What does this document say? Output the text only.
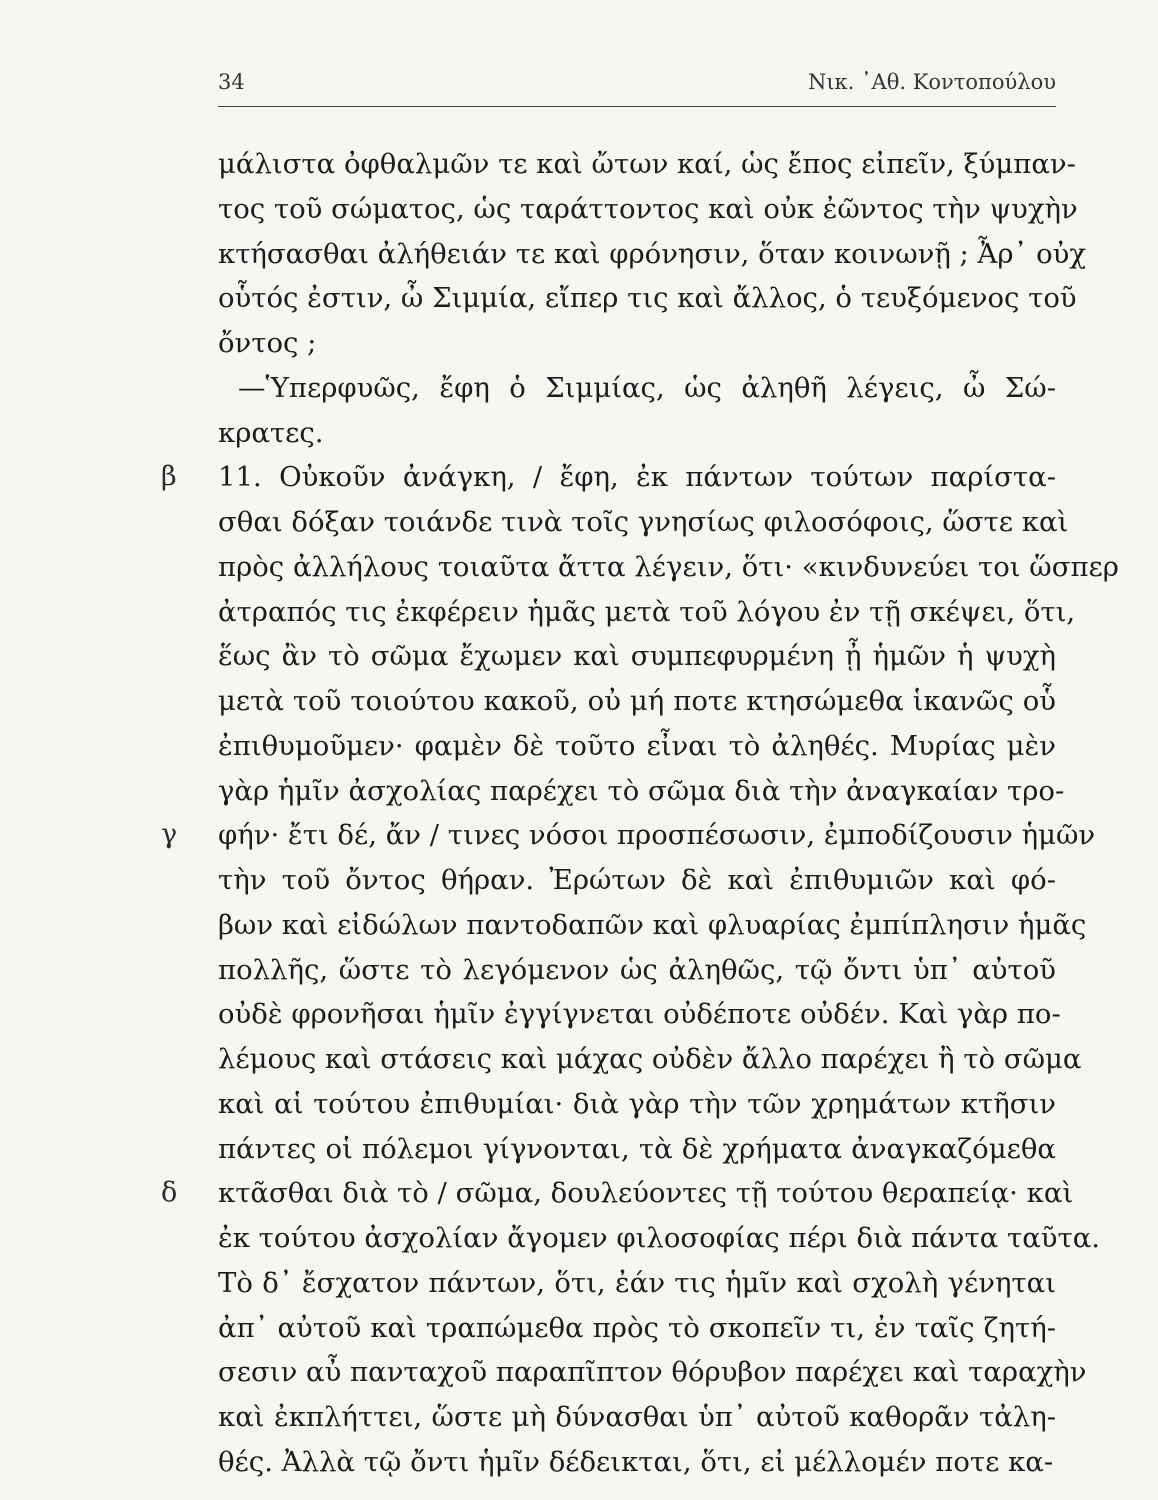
34	Νικ. ᾿Αθ. Κοντοπούλου
μάλιστα ὀφθαλμῶν τε καὶ ὤτων καί, ὡς ἔπος εἰπεῖν, ξύμπαν-
τος τοῦ σώματος, ὡς ταράττοντος καὶ οὐκ ἐῶντος τὴν ψυχὴν
κτήσασθαι ἀλήθειάν τε καὶ φρόνησιν, ὅταν κοινωνῇ ; Ἆρ᾿ οὐχ
οὗτός ἐστιν, ὦ Σιμμία, εἴπερ τις καὶ ἄλλος, ὁ τευξόμενος τοῦ
ὄντος ;
—Ὑπερφυῶς, ἔφη ὁ Σιμμίας, ὡς ἀληθῆ λέγεις, ὦ Σώ-
κρατες.
11. Οὐκοῦν ἀνάγκη, / ἔφη, ἐκ πάντων τούτων παρίστα-
β
σθαι δόξαν τοιάνδε τινὰ τοῖς γνησίως φιλοσόφοις, ὥστε καὶ
πρὸς ἀλλήλους τοιαῦτα ἄττα λέγειν, ὅτι· «κινδυνεύει τοι ὥσπερ
ἀτραπός τις ἐκφέρειν ἡμᾶς μετὰ τοῦ λόγου ἐν τῇ σκέψει, ὅτι,
ἕως ἂν τὸ σῶμα ἔχωμεν καὶ συμπεφυρμένη ᾖ ἡμῶν ἡ ψυχὴ
μετὰ τοῦ τοιούτου κακοῦ, οὐ μή ποτε κτησώμεθα ἱκανῶς οὗ
ἐπιθυμοῦμεν· φαμὲν δὲ τοῦτο εἶναι τὸ ἀληθές. Μυρίας μὲν
γὰρ ἡμῖν ἀσχολίας παρέχει τὸ σῶμα διὰ τὴν ἀναγκαίαν τρο-
φήν· ἔτι δέ, ἄν / τινες νόσοι προσπέσωσιν, ἐμποδίζουσιν ἡμῶν
γ
τὴν τοῦ ὄντος θήραν. Ἐρώτων δὲ καὶ ἐπιθυμιῶν καὶ φό-
βων καὶ εἰδώλων παντοδαπῶν καὶ φλυαρίας ἐμπίπλησιν ἡμᾶς
πολλῆς, ὥστε τὸ λεγόμενον ὡς ἀληθῶς, τῷ ὄντι ὑπ᾿ αὐτοῦ
οὐδὲ φρονῆσαι ἡμῖν ἐγγίγνεται οὐδέποτε οὐδέν. Καὶ γὰρ πο-
λέμους καὶ στάσεις καὶ μάχας οὐδὲν ἄλλο παρέχει ἢ τὸ σῶμα
καὶ αἱ τούτου ἐπιθυμίαι· διὰ γὰρ τὴν τῶν χρημάτων κτῆσιν
πάντες οἱ πόλεμοι γίγνονται, τὰ δὲ χρήματα ἀναγκαζόμεθα
κτᾶσθαι διὰ τὸ / σῶμα, δουλεύοντες τῇ τούτου θεραπείᾳ· καὶ
δ
ἐκ τούτου ἀσχολίαν ἄγομεν φιλοσοφίας πέρι διὰ πάντα ταῦτα.
Τὸ δ᾿ ἔσχατον πάντων, ὅτι, ἐάν τις ἡμῖν καὶ σχολὴ γένηται
ἀπ᾿ αὐτοῦ καὶ τραπώμεθα πρὸς τὸ σκοπεῖν τι, ἐν ταῖς ζητή-
σεσιν αὖ πανταχοῦ παραπῖπτον θόρυβον παρέχει καὶ ταραχὴν
καὶ ἐκπλήττει, ὥστε μὴ δύνασθαι ὑπ᾿ αὐτοῦ καθορᾶν τἀλη-
θές. Ἀλλὰ τῷ ὄντι ἡμῖν δέδεικται, ὅτι, εἰ μέλλομέν ποτε κα-
